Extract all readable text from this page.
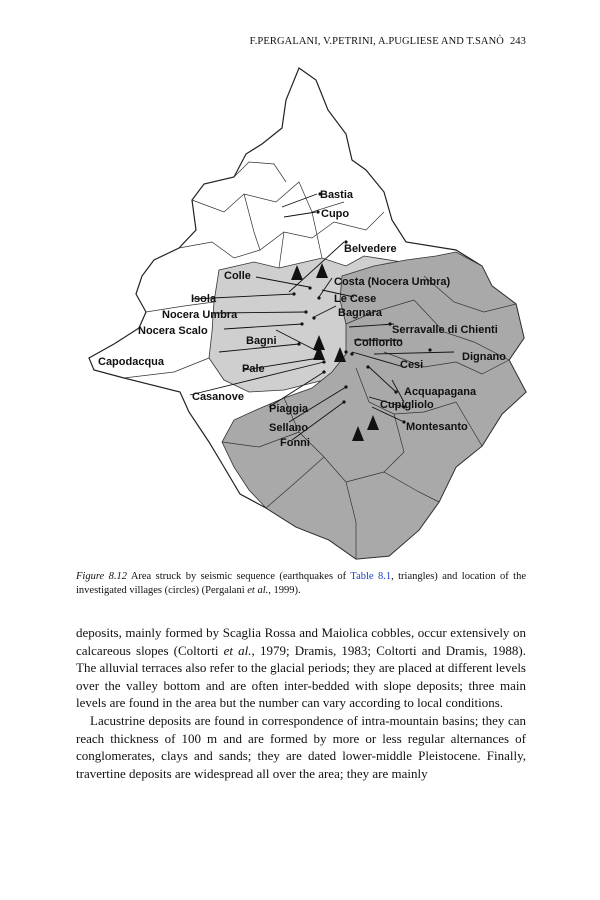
F.PERGALANI, V.PETRINI, A.PUGLIESE AND T.SANÒ 243
Bastia
Cupo
Belvedere
Colle	Costa (Nocera Umbra)
Isola	Le Cese
Nocera Umbra	Bagnara
Nocera Scalo	Serravalle di Chienti
Colfiorito
Bagni
Capodacqua	Dignano
Pale	Cesi
Casanove	Acquapagana
Piaggia	Cupigliolo
Sellano	Montesanto
Fonni
Figure 8.12 Area struck by seismic sequence (earthquakes of Table 8.1, triangles) and location of the investigated villages (circles) (Pergalani et al., 1999).

deposits, mainly formed by Scaglia Rossa and Maiolica cobbles, occur extensively on calcareous slopes (Coltorti et al., 1979; Dramis, 1983; Coltorti and Dramis, 1988). The alluvial terraces also refer to the glacial periods; they are placed at different levels over the valley bottom and are often inter-bedded with slope deposits; three main levels are found in the area but the number can vary according to local conditions.

Lacustrine deposits are found in correspondence of intra-mountain basins; they can reach thickness of 100 m and are formed by more or less regular alternances of conglomerates, clays and sands; they are dated lower-middle Pleistocene. Finally, travertine deposits are widespread all over the area; they are mainly
